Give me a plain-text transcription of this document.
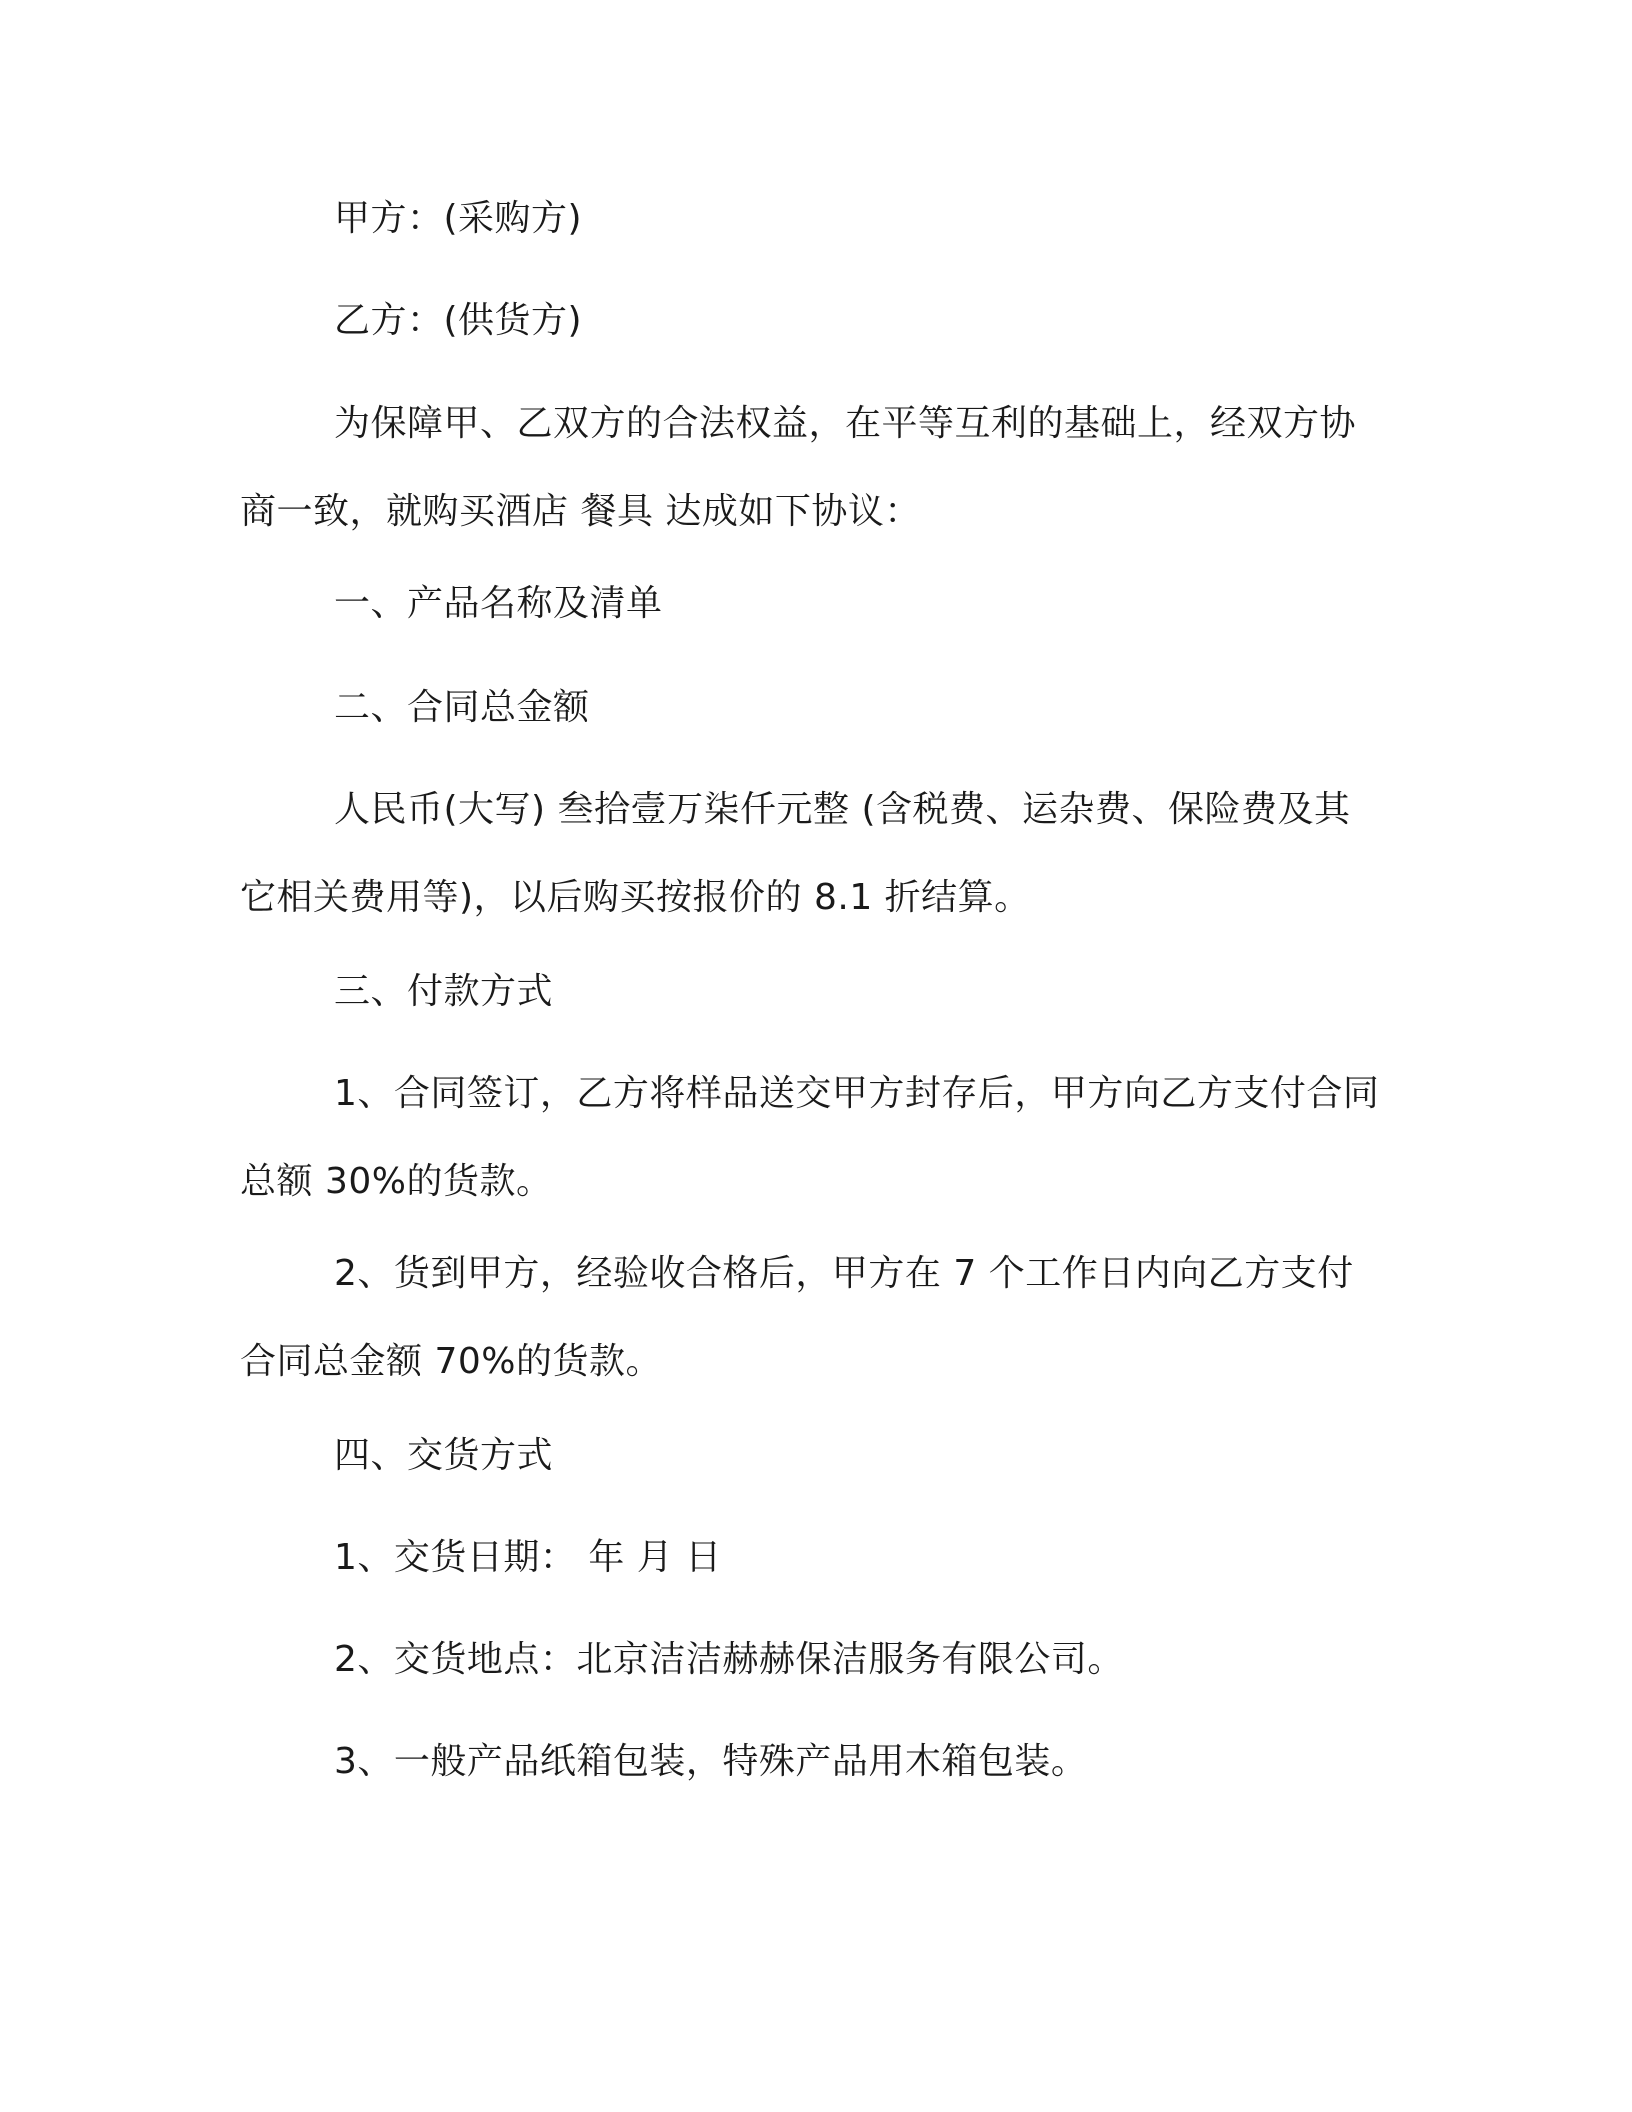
甲方：(采购方)
乙方：(供货方)
为保障甲、乙双方的合法权益，在平等互利的基础上，经双方协商一致，就购买酒店 餐具 达成如下协议：
一、产品名称及清单
二、合同总金额
人民币(大写) 叁拾壹万柒仟元整 (含税费、运杂费、保险费及其它相关费用等)，以后购买按报价的 8.1 折结算。
三、付款方式
1、合同签订，乙方将样品送交甲方封存后，甲方向乙方支付合同总额 30%的货款。
2、货到甲方，经验收合格后，甲方在 7 个工作日内向乙方支付合同总金额 70%的货款。
四、交货方式
1、交货日期： 年 月 日
2、交货地点：北京洁洁赫赫保洁服务有限公司。
3、一般产品纸箱包装，特殊产品用木箱包装。
